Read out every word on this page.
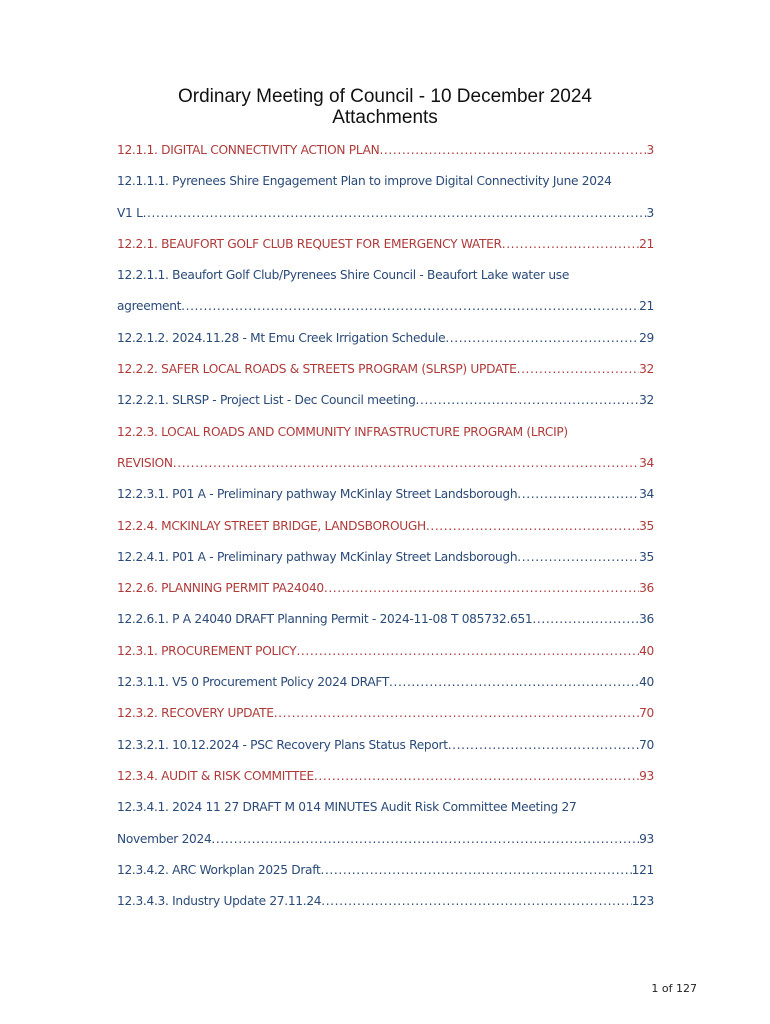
Ordinary Meeting of Council - 10 December 2024
Attachments
12.1.1. DIGITAL CONNECTIVITY ACTION PLAN .....	3
12.1.1.1. Pyrenees Shire Engagement Plan to improve Digital Connectivity June 2024
V1 L .....	3
12.2.1. BEAUFORT GOLF CLUB REQUEST FOR EMERGENCY WATER .....	21
12.2.1.1. Beaufort Golf Club/Pyrenees Shire Council - Beaufort Lake water use
agreement .....	21
12.2.1.2. 2024.11.28 - Mt Emu Creek Irrigation Schedule .....	29
12.2.2. SAFER LOCAL ROADS & STREETS PROGRAM (SLRSP) UPDATE .....	32
12.2.2.1. SLRSP - Project List - Dec Council meeting .....	32
12.2.3. LOCAL ROADS AND COMMUNITY INFRASTRUCTURE PROGRAM (LRCIP)
REVISION .....	34
12.2.3.1. P01 A - Preliminary pathway McKinlay Street Landsborough .....	34
12.2.4. MCKINLAY STREET BRIDGE, LANDSBOROUGH .....	35
12.2.4.1. P01 A - Preliminary pathway McKinlay Street Landsborough .....	35
12.2.6. PLANNING PERMIT PA24040 .....	36
12.2.6.1. P A 24040 DRAFT Planning Permit - 2024-11-08 T 085732.651 .....	36
12.3.1. PROCUREMENT POLICY .....	40
12.3.1.1. V5 0 Procurement Policy 2024 DRAFT .....	40
12.3.2. RECOVERY UPDATE .....	70
12.3.2.1. 10.12.2024 - PSC Recovery Plans Status Report .....	70
12.3.4. AUDIT & RISK COMMITTEE .....	93
12.3.4.1. 2024 11 27 DRAFT M 014 MINUTES Audit Risk Committee Meeting 27
November 2024 .....	93
12.3.4.2. ARC Workplan 2025 Draft .....	121
12.3.4.3. Industry Update 27.11.24 .....	123
1 of 127
